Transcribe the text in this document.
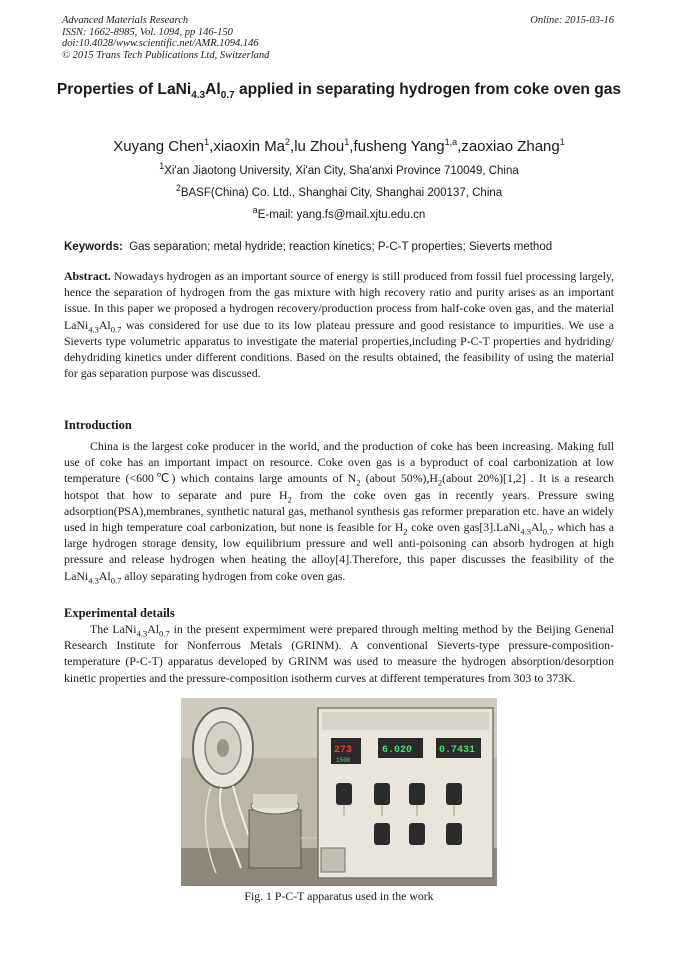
Advanced Materials Research
ISSN: 1662-8985, Vol. 1094, pp 146-150
doi:10.4028/www.scientific.net/AMR.1094.146
© 2015 Trans Tech Publications Ltd, Switzerland
Online: 2015-03-16
Properties of $LaNi_{4.3}Al_{0.7}$ applied in separating hydrogen from coke oven gas
Xuyang Chen$^1$,xiaoxin Ma$^2$,lu Zhou$^1$,fusheng Yang$^{1,a}$,zaoxiao Zhang$^1$
$^1$Xi'an Jiaotong University, Xi'an City, Sha'anxi Province 710049, China
$^2$BASF(China) Co. Ltd., Shanghai City, Shanghai 200137, China
$^a$E-mail: yang.fs@mail.xjtu.edu.cn
Keywords: Gas separation; metal hydride; reaction kinetics; P-C-T properties; Sieverts method
Abstract. Nowadays hydrogen as an important source of energy is still produced from fossil fuel processing largely, hence the separation of hydrogen from the gas mixture with high recovery ratio and purity arises as an important issue. In this paper we proposed a hydrogen recovery/production process from half-coke oven gas, and the material $LaNi_{4.3}Al_{0.7}$ was considered for use due to its low plateau pressure and good resistance to impurities. We use a Sieverts type volumetric apparatus to investigate the material properties,including P-C-T properties and hydriding/ dehydriding kinetics under different conditions. Based on the results obtained, the feasibility of using the material for gas separation purpose was discussed.
Introduction

China is the largest coke producer in the world, and the production of coke has been increasing. Making full use of coke has an important impact on resource. Coke oven gas is a byproduct of coal carbonization at low temperature (<600℃) which contains large amounts of $N_2$ (about $50\%),H_2(about$ 20%)[1,2] . It is a research hotspot that how to separate and pure $H_2$ from the coke oven gas in recently years. Pressure swing adsorption(PSA),membranes, synthetic natural gas, methanol synthesis gas reformer preparation etc. have an widely used in high temperature coal carbonization, but none is feasible for $H_2$ coke oven $gas[3].LaNi_{4.3}Al_{0.7}$ which has a large hydrogen storage density, low equilibrium pressure and well anti-poisoning can absorb hydrogen at high pressure and release hydrogen when heating the alloy[4].Therefore, this paper discusses the feasibility of the $LaNi_{4.3}Al_{0.7}$ alloy separating hydrogen from coke oven gas.

Experimental details

The $LaNi_{4.3}Al_{0.7}$ in the present expermiment were prepared through melting method by the Beijing Genenal Research Institute for Nonferrous Metals (GRINM). A conventional Sieverts-type pressure-composition-temperature (P-C-T) apparatus developed by GRINM was used to measure the hydrogen absorption/desorption kinetic properties and the pressure-composition isotherm curves at different temperatures from 303 to 373K.

273
1500
6.020	0.7431
Fig. 1 P-C-T apparatus used in the work
